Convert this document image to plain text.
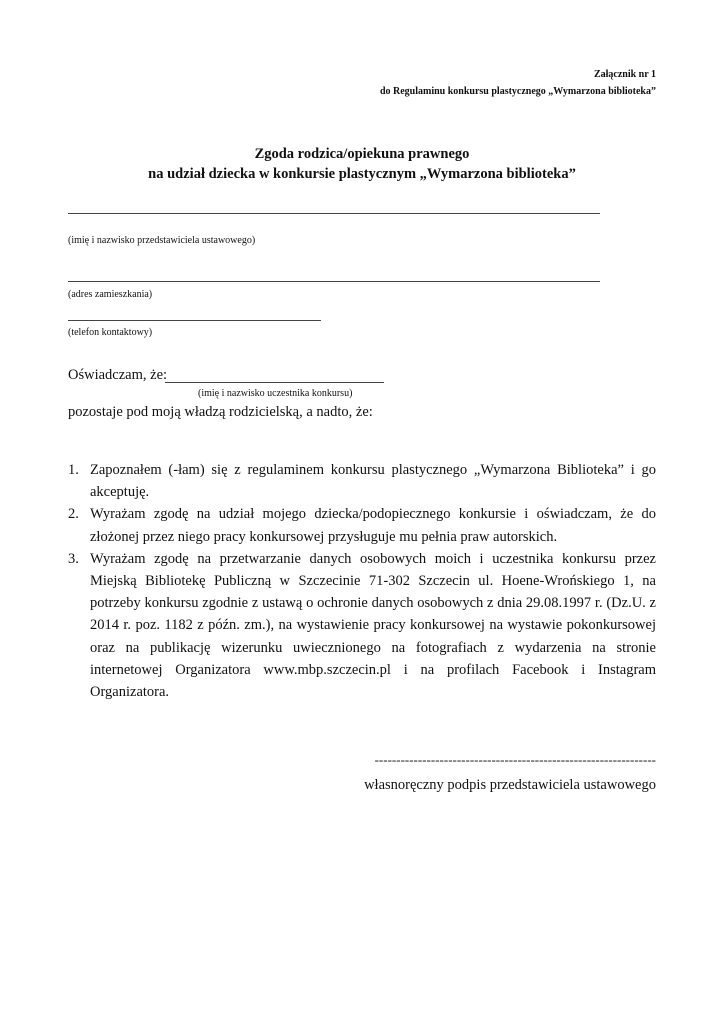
Załącznik nr 1
do Regulaminu konkursu plastycznego „Wymarzona biblioteka”
Zgoda rodzica/opiekuna prawnego
na udział dziecka w konkursie plastycznym „Wymarzona biblioteka”
(imię i nazwisko przedstawiciela ustawowego)
(adres zamieszkania)
(telefon kontaktowy)
Oświadczam, że:
(imię i nazwisko uczestnika konkursu)
pozostaje pod moją władzą rodzicielską, a nadto, że:
1. Zapoznałem (-łam) się z regulaminem konkursu plastycznego „Wymarzona Biblioteka” i go akceptuję.
2. Wyrażam zgodę na udział mojego dziecka/podopiecznego konkursie i oświadczam, że do złożonej przez niego pracy konkursowej przysługuje mu pełnia praw autorskich.
3. Wyrażam zgodę na przetwarzanie danych osobowych moich i uczestnika konkursu przez Miejską Bibliotekę Publiczną w Szczecinie 71-302 Szczecin ul. Hoene-Wrońskiego 1, na potrzeby konkursu zgodnie z ustawą o ochronie danych osobowych z dnia 29.08.1997 r. (Dz.U. z 2014 r. poz. 1182 z późn. zm.), na wystawienie pracy konkursowej na wystawie pokonkursowej oraz na publikację wizerunku uwiecznionego na fotografiach z wydarzenia na stronie internetowej Organizatora www.mbp.szczecin.pl i na profilach Facebook i Instagram Organizatora.
-----------------------------------------------------------------
własnoręczny podpis przedstawiciela ustawowego
